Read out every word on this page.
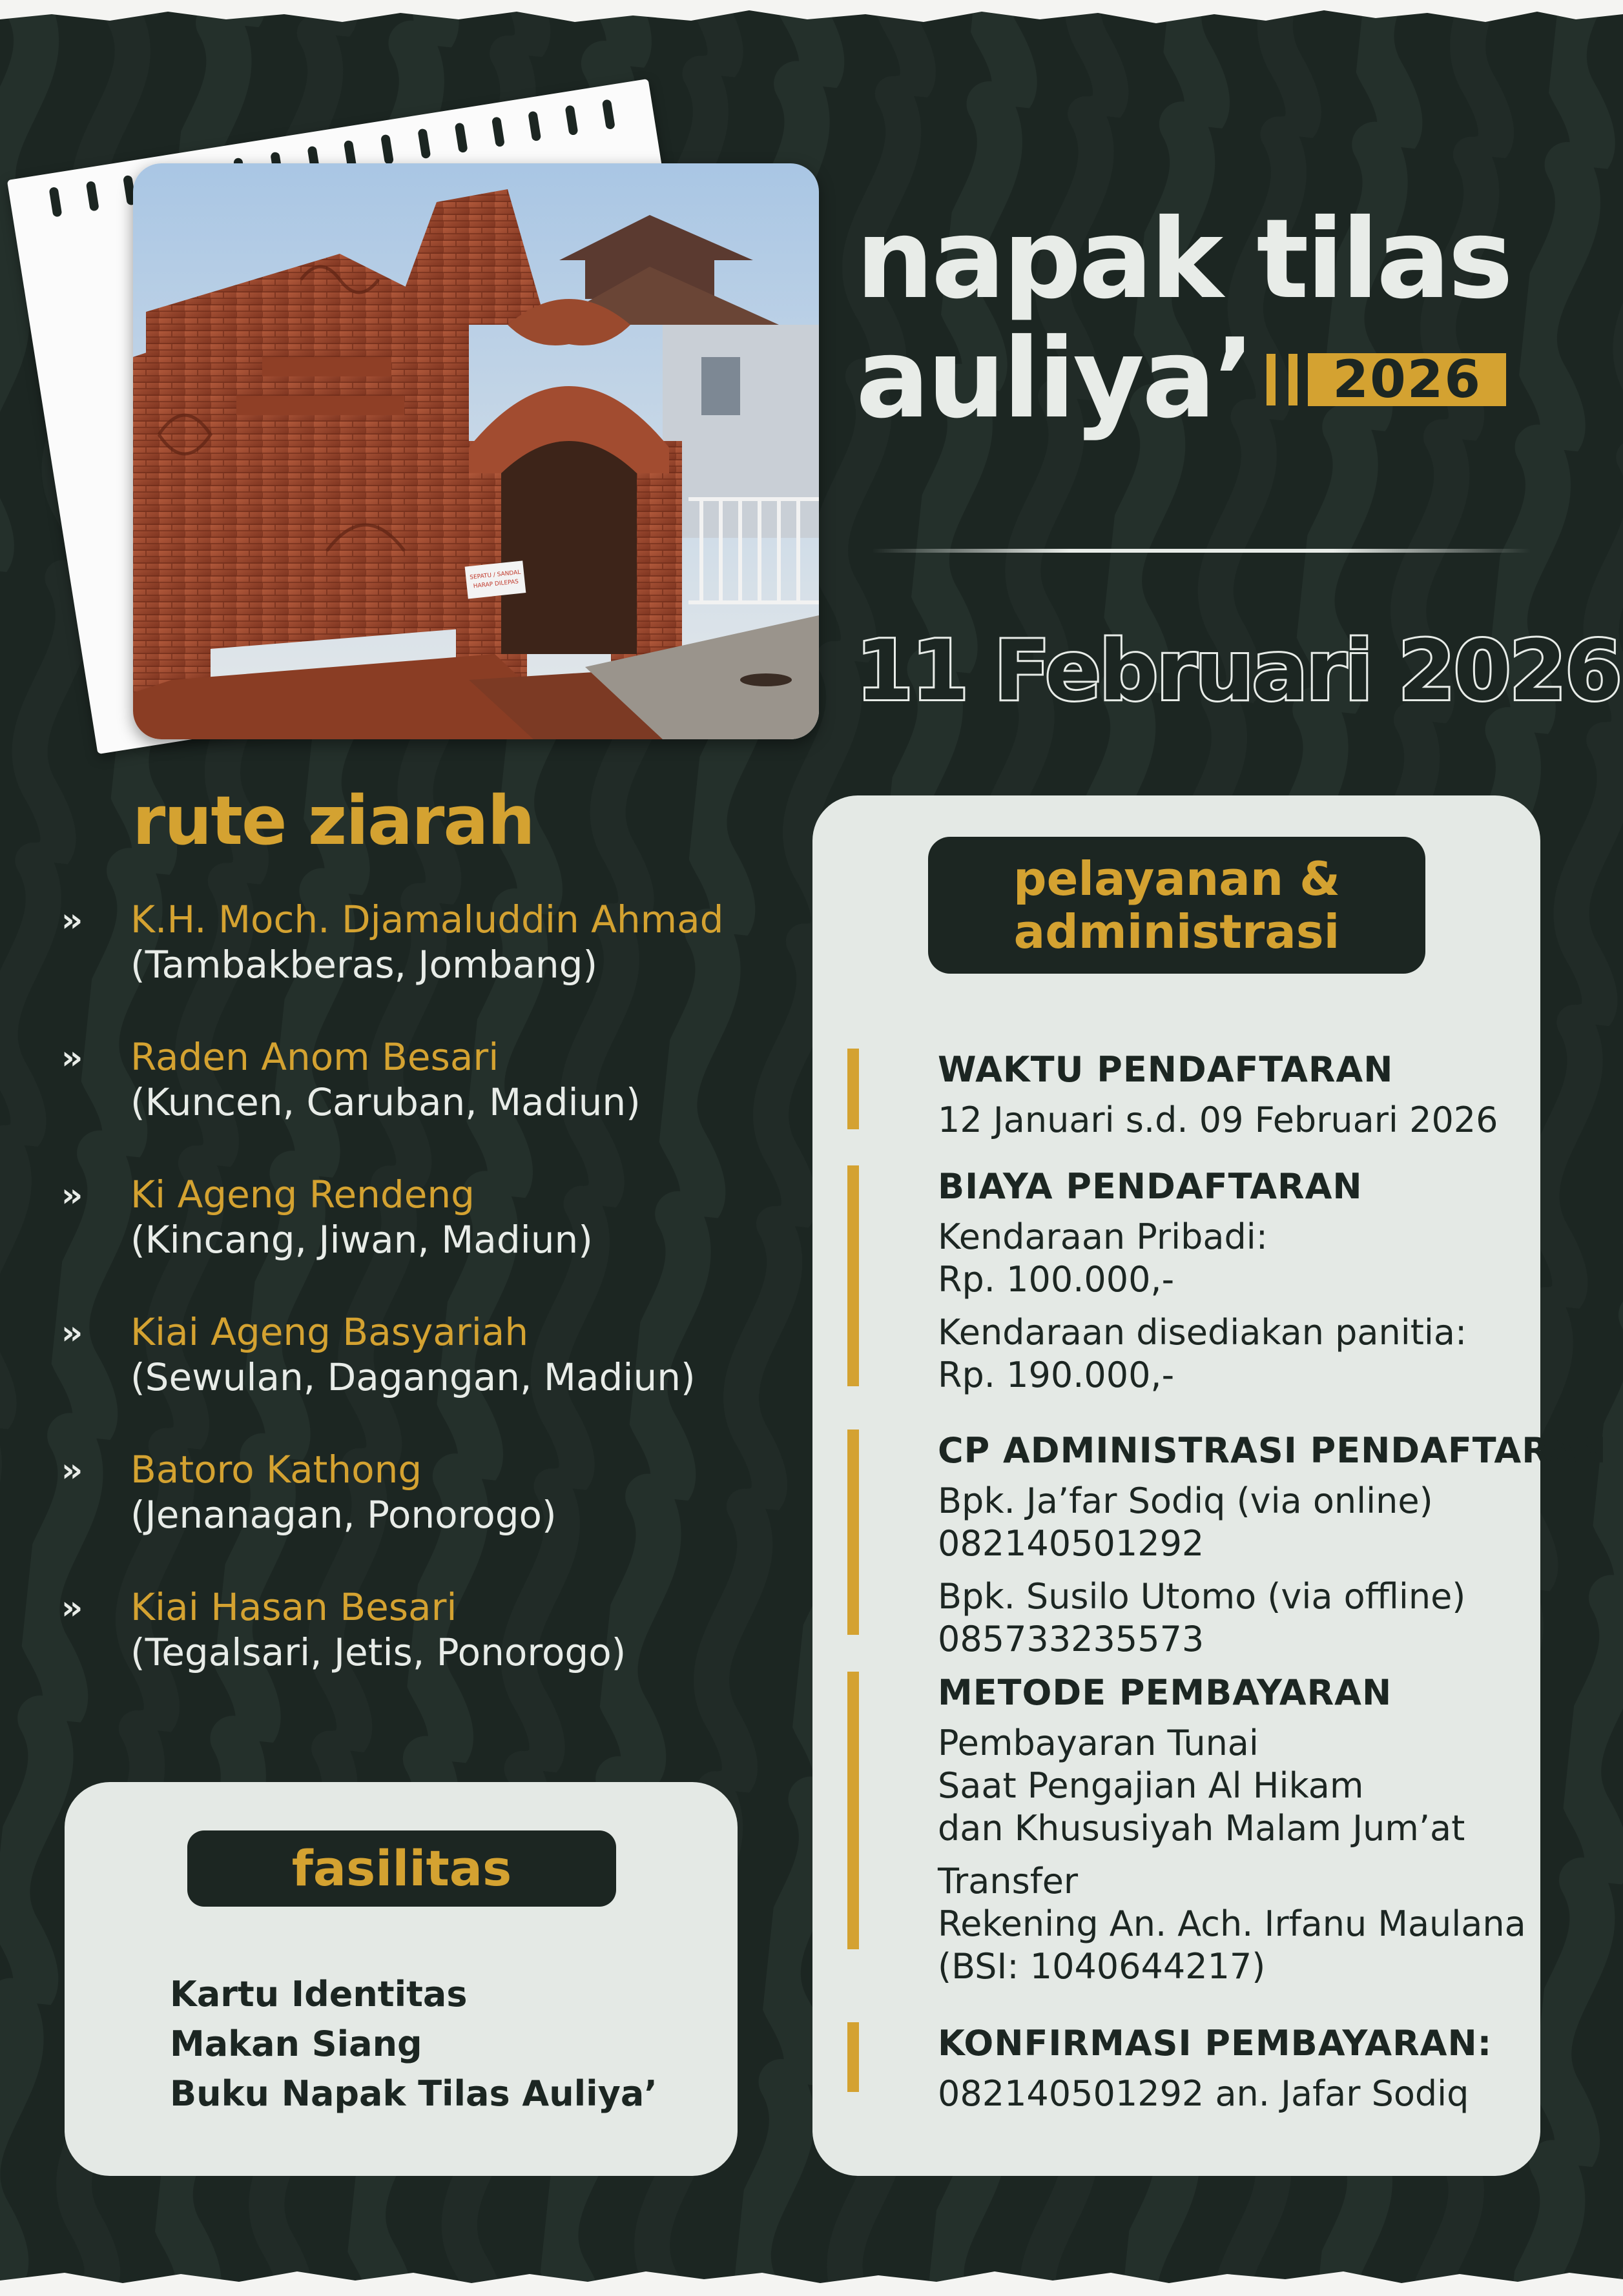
SEPATU / SANDAL
HARAP DILEPAS
napak tilas
auliya’	2026
11 Februari 2026
rute ziarah
›› K.H. Moch. Djamaluddin Ahmad
(Tambakberas, Jombang)
›› Raden Anom Besari
(Kuncen, Caruban, Madiun)
›› Ki Ageng Rendeng
(Kincang, Jiwan, Madiun)
›› Kiai Ageng Basyariah
(Sewulan, Dagangan, Madiun)
›› Batoro Kathong
(Jenanagan, Ponorogo)
›› Kiai Hasan Besari
(Tegalsari, Jetis, Ponorogo)
fasilitas
Kartu Identitas
Makan Siang
Buku Napak Tilas Auliya’
pelayanan &
administrasi
WAKTU PENDAFTARAN
12 Januari s.d. 09 Februari 2026
BIAYA PENDAFTARAN
Kendaraan Pribadi:
Rp. 100.000,-
Kendaraan disediakan panitia:
Rp. 190.000,-
CP ADMINISTRASI PENDAFTARAN
Bpk. Ja’far Sodiq (via online)
082140501292
Bpk. Susilo Utomo (via offline)
085733235573
METODE PEMBAYARAN
Pembayaran Tunai
Saat Pengajian Al Hikam
dan Khususiyah Malam Jum’at
Transfer
Rekening An. Ach. Irfanu Maulana
(BSI: 1040644217)
KONFIRMASI PEMBAYARAN:
082140501292 an. Jafar Sodiq
